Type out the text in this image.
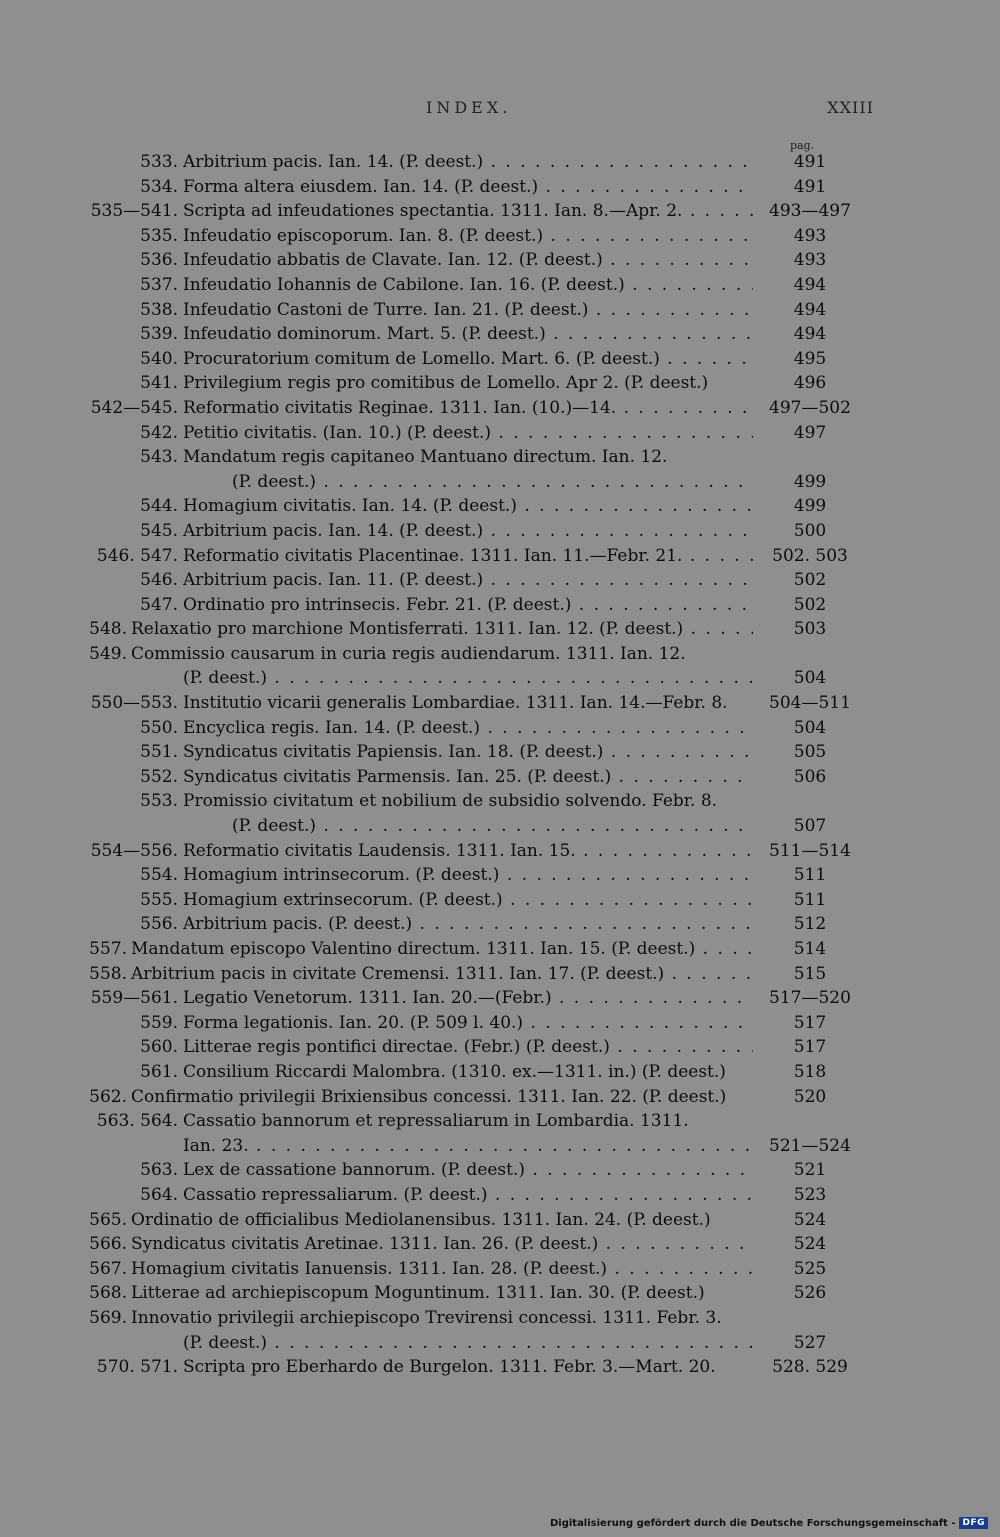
INDEX.	XXIII
pag.
533. Arbitrium pacis. Ian. 14. (P. deest.) . . .	491
534. Forma altera eiusdem. Ian. 14. (P. deest.) . . .	491
535—541. Scripta ad infeudationes spectantia. 1311. Ian. 8.—Apr. 2. . . .	493—497
535. Infeudatio episcoporum. Ian. 8. (P. deest.) . . .	493
536. Infeudatio abbatis de Clavate. Ian. 12. (P. deest.) . . .	493
537. Infeudatio Iohannis de Cabilone. Ian. 16. (P. deest.) . . .	494
538. Infeudatio Castoni de Turre. Ian. 21. (P. deest.) . . .	494
539. Infeudatio dominorum. Mart. 5. (P. deest.) . . .	494
540. Procuratorium comitum de Lomello. Mart. 6. (P. deest.) . . .	495
541. Privilegium regis pro comitibus de Lomello. Apr 2. (P. deest.)	496
542—545. Reformatio civitatis Reginae. 1311. Ian. (10.)—14. . . .	497—502
542. Petitio civitatis. (Ian. 10.) (P. deest.) . . .	497
543. Mandatum regis capitaneo Mantuano directum. Ian. 12.
(P. deest.) . . .	499
544. Homagium civitatis. Ian. 14. (P. deest.) . . .	499
545. Arbitrium pacis. Ian. 14. (P. deest.) . . .	500
546. 547. Reformatio civitatis Placentinae. 1311. Ian. 11.—Febr. 21. . . .	502. 503
546. Arbitrium pacis. Ian. 11. (P. deest.) . . .	502
547. Ordinatio pro intrinsecis. Febr. 21. (P. deest.) . . .	502
548. Relaxatio pro marchione Montisferrati. 1311. Ian. 12. (P. deest.) . . .	503
549. Commissio causarum in curia regis audiendarum. 1311. Ian. 12.
(P. deest.) . . .	504
550—553. Institutio vicarii generalis Lombardiae. 1311. Ian. 14.—Febr. 8.	504—511
550. Encyclica regis. Ian. 14. (P. deest.) . . .	504
551. Syndicatus civitatis Papiensis. Ian. 18. (P. deest.) . . .	505
552. Syndicatus civitatis Parmensis. Ian. 25. (P. deest.) . . .	506
553. Promissio civitatum et nobilium de subsidio solvendo. Febr. 8.
(P. deest.) . . .	507
554—556. Reformatio civitatis Laudensis. 1311. Ian. 15. . . .	511—514
554. Homagium intrinsecorum. (P. deest.) . . .	511
555. Homagium extrinsecorum. (P. deest.) . . .	511
556. Arbitrium pacis. (P. deest.) . . .	512
557. Mandatum episcopo Valentino directum. 1311. Ian. 15. (P. deest.) . . .	514
558. Arbitrium pacis in civitate Cremensi. 1311. Ian. 17. (P. deest.) . . .	515
559—561. Legatio Venetorum. 1311. Ian. 20.—(Febr.) . . .	517—520
559. Forma legationis. Ian. 20. (P. 509 l. 40.) . . .	517
560. Litterae regis pontifici directae. (Febr.) (P. deest.) . . .	517
561. Consilium Riccardi Malombra. (1310. ex.—1311. in.) (P. deest.)	518
562. Confirmatio privilegii Brixiensibus concessi. 1311. Ian. 22. (P. deest.)	520
563. 564. Cassatio bannorum et repressaliarum in Lombardia. 1311.
Ian. 23. . . .	521—524
563. Lex de cassatione bannorum. (P. deest.) . . .	521
564. Cassatio repressaliarum. (P. deest.) . . .	523
565. Ordinatio de officialibus Mediolanensibus. 1311. Ian. 24. (P. deest.)	524
566. Syndicatus civitatis Aretinae. 1311. Ian. 26. (P. deest.) . . .	524
567. Homagium civitatis Ianuensis. 1311. Ian. 28. (P. deest.) . . .	525
568. Litterae ad archiepiscopum Moguntinum. 1311. Ian. 30. (P. deest.)	526
569. Innovatio privilegii archiepiscopo Trevirensi concessi. 1311. Febr. 3.
(P. deest.) . . .	527
570. 571. Scripta pro Eberhardo de Burgelon. 1311. Febr. 3.—Mart. 20.	528. 529
Digitalisierung gefördert durch die Deutsche Forschungsgemeinschaft - DFG
